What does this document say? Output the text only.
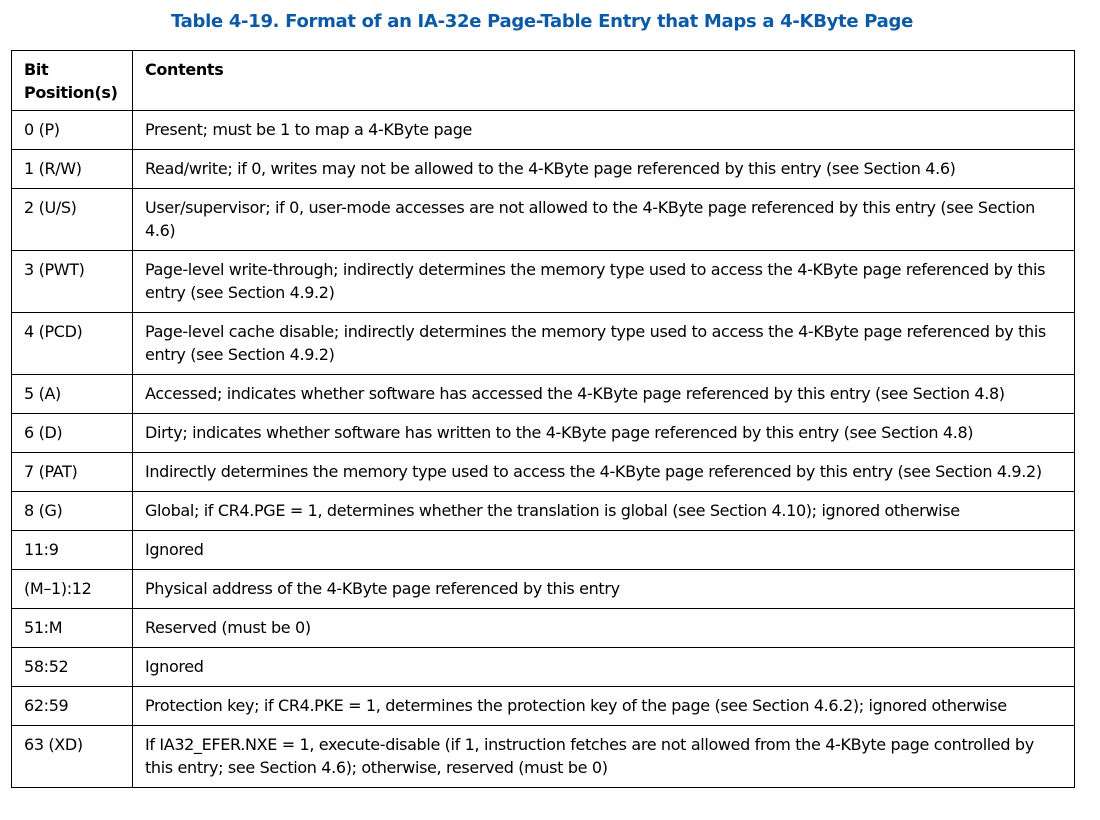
Table 4-19. Format of an IA-32e Page-Table Entry that Maps a 4-KByte Page
Bit Position(s)	Contents
0 (P)	Present; must be 1 to map a 4-KByte page
1 (R/W)	Read/write; if 0, writes may not be allowed to the 4-KByte page referenced by this entry (see Section 4.6)
2 (U/S)	User/supervisor; if 0, user-mode accesses are not allowed to the 4-KByte page referenced by this entry (see Section 4.6)
3 (PWT)	Page-level write-through; indirectly determines the memory type used to access the 4-KByte page referenced by this entry (see Section 4.9.2)
4 (PCD)	Page-level cache disable; indirectly determines the memory type used to access the 4-KByte page referenced by this entry (see Section 4.9.2)
5 (A)	Accessed; indicates whether software has accessed the 4-KByte page referenced by this entry (see Section 4.8)
6 (D)	Dirty; indicates whether software has written to the 4-KByte page referenced by this entry (see Section 4.8)
7 (PAT)	Indirectly determines the memory type used to access the 4-KByte page referenced by this entry (see Section 4.9.2)
8 (G)	Global; if CR4.PGE = 1, determines whether the translation is global (see Section 4.10); ignored otherwise
11:9	Ignored
(M–1):12	Physical address of the 4-KByte page referenced by this entry
51:M	Reserved (must be 0)
58:52	Ignored
62:59	Protection key; if CR4.PKE = 1, determines the protection key of the page (see Section 4.6.2); ignored otherwise
63 (XD)	If IA32_EFER.NXE = 1, execute-disable (if 1, instruction fetches are not allowed from the 4-KByte page controlled by this entry; see Section 4.6); otherwise, reserved (must be 0)
